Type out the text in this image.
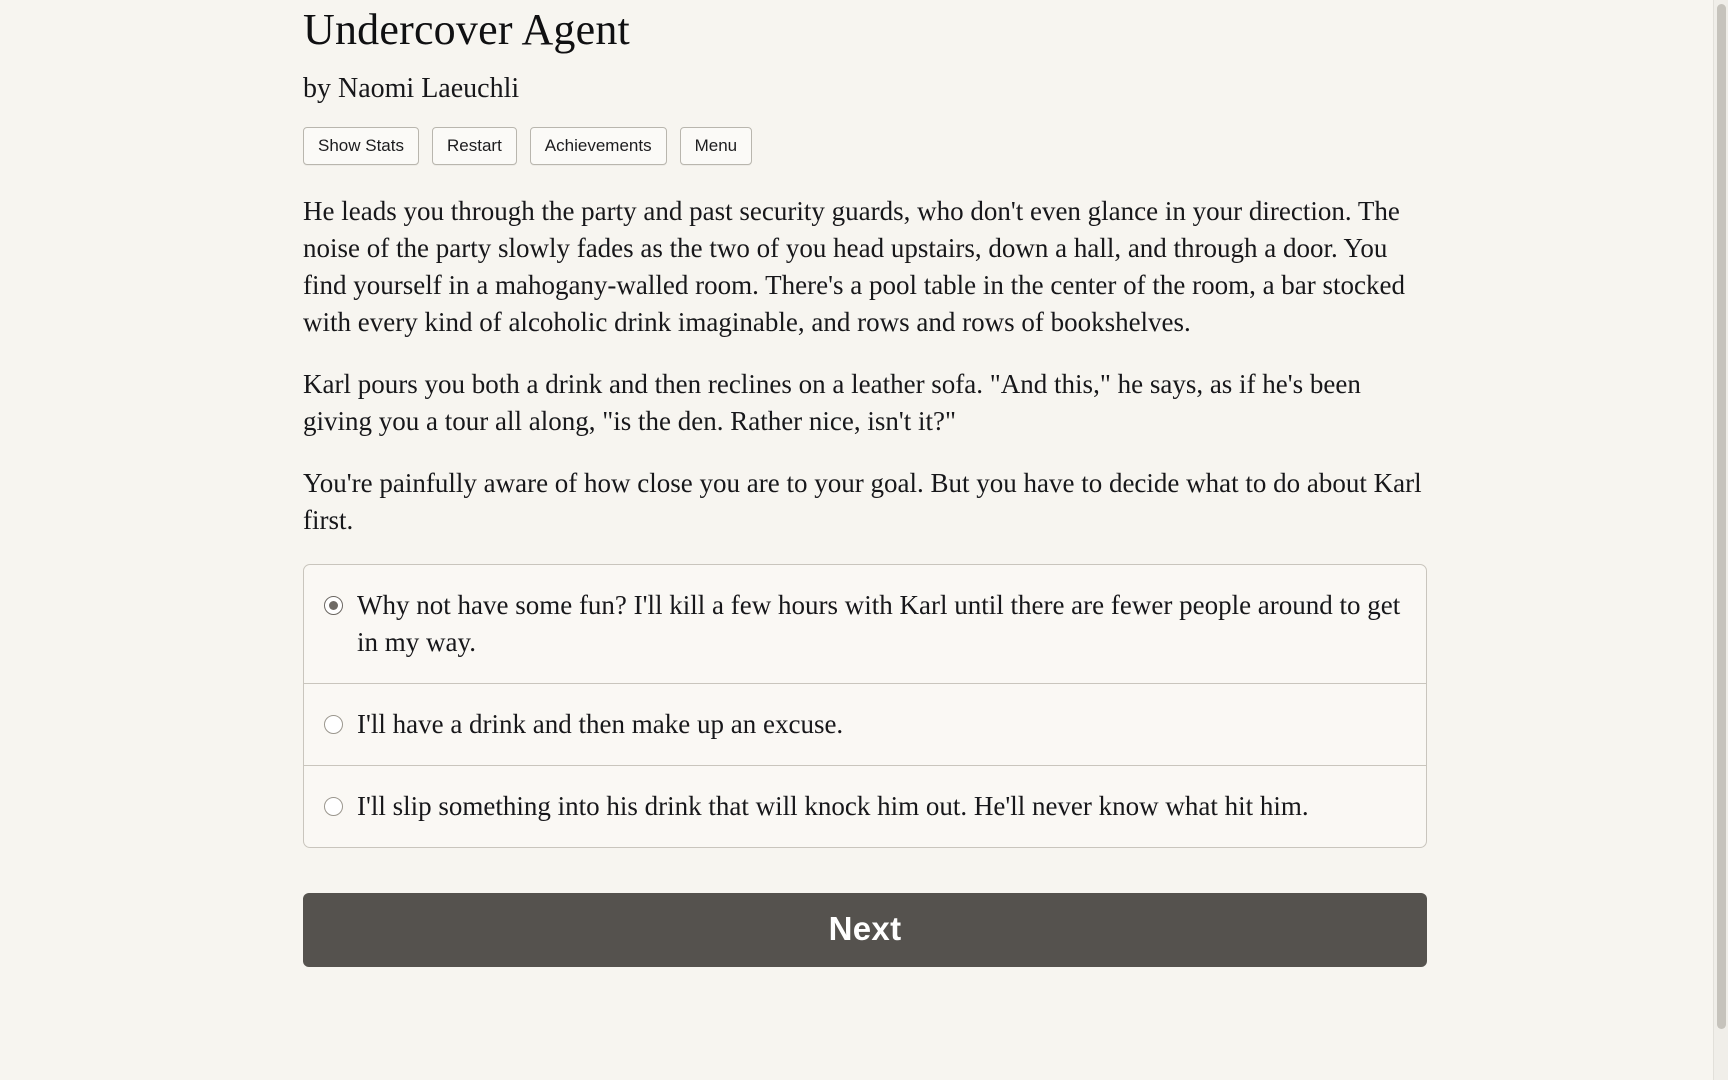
Undercover Agent
by Naomi Laeuchli
Show Stats	Restart	Achievements	Menu

He leads you through the party and past security guards, who don't even glance in your direction. The noise of the party slowly fades as the two of you head upstairs, down a hall, and through a door. You find yourself in a mahogany-walled room. There's a pool table in the center of the room, a bar stocked with every kind of alcoholic drink imaginable, and rows and rows of bookshelves.

Karl pours you both a drink and then reclines on a leather sofa. "And this," he says, as if he's been giving you a tour all along, "is the den. Rather nice, isn't it?"

You're painfully aware of how close you are to your goal. But you have to decide what to do about Karl first.

Why not have some fun? I'll kill a few hours with Karl until there are fewer people around to get in my way.
I'll have a drink and then make up an excuse.
I'll slip something into his drink that will knock him out. He'll never know what hit him.
Next
